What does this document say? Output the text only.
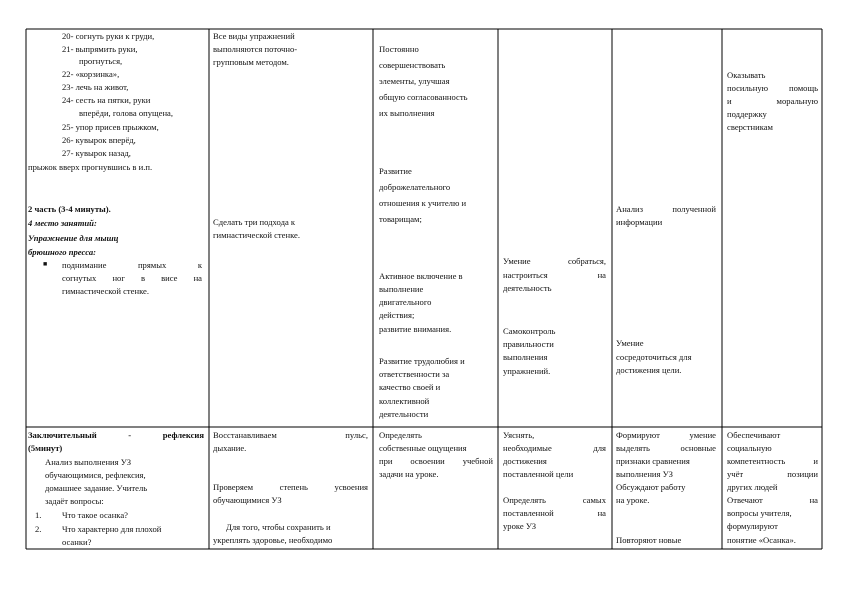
20- согнуть руки к груди,
21- выпрямить руки,
прогнуться,
22- «корзинка»,
23- лечь на живот,
24- сесть на пятки, руки
вперёди, голова опущена,
25- упор присев прыжком,
26- кувырок вперёд,
27- кувырок назад,
прыжок вверх прогнувшись в и.п.
2 часть (3-4 минуты).
4 место занятий:
Упражнение для мышц
брюшного пресса:
■ поднимание прямых к
согнутых ног в висе на
гимнастической стенке.
Заключительный - рефлексия
(5минут)
Анализ выполнения УЗ
обучающимися, рефлексия,
домашнее задание. Учитель
задаёт вопросы:
1. Что такое осанка?
2. Что характерно для плохой
осанки?
Все виды упражнений
выполняются поточно-
групповым методом.
Сделать три подхода к
гимнастической стенке.
Восстанавливаем пульс,
дыхание.
Проверяем степень усвоения
обучающимися УЗ
Для того, чтобы сохранить и
укреплять здоровье, необходимо
Постоянно
совершенствовать
элементы, улучшая
общую согласованность
их выполнения
Развитие
доброжелательного
отношения к учителю и
товарищам;
Активное включение в
выполнение
двигательного
действия;
развитие внимания.
Развитие трудолюбия и
ответственности за
качество своей и
коллективной
деятельности
Определять
собственные ощущения
при освоении учебной
задачи на уроке.
Умение собраться,
настроиться на
деятельность
Самоконтроль
правильности
выполнения
упражнений.
Уяснять,
необходимые для
достижения
поставленной цели
Определять самых
поставленной на
уроке УЗ
Анализ полученной
информации
Умение
сосредоточиться для
достижения цели.
Формируют умение
выделять основные
признаки сравнения
выполнения УЗ
Обсуждают работу
на уроке.
Повторяют новые
Оказывать
посильную помощь
и моральную
поддержку
сверстникам
Обеспечивают
социальную
компетентность и
учёт позиции
других людей
Отвечают на
вопросы учителя,
формулируют
понятие «Осанка».
